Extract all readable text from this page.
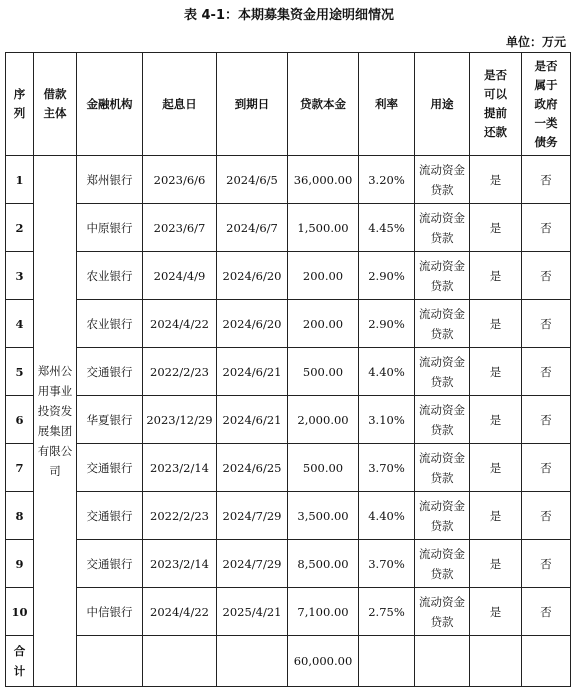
表 4-1：本期募集资金用途明细情况
单位：万元
序列	借款主体	金融机构	起息日	到期日	贷款本金	利率	用途	是否可以提前还款	是否属于政府一类债务

1	郑州公用事业投资发展集团有限公司	郑州银行	2023/6/6	2024/6/5	36,000.00	3.20%	流动资金贷款	是	否
2		中原银行	2023/6/7	2024/6/7	1,500.00	4.45%	流动资金贷款	是	否
3		农业银行	2024/4/9	2024/6/20	200.00	2.90%	流动资金贷款	是	否
4		农业银行	2024/4/22	2024/6/20	200.00	2.90%	流动资金贷款	是	否
5		交通银行	2022/2/23	2024/6/21	500.00	4.40%	流动资金贷款	是	否
6		华夏银行	2023/12/29	2024/6/21	2,000.00	3.10%	流动资金贷款	是	否
7		交通银行	2023/2/14	2024/6/25	500.00	3.70%	流动资金贷款	是	否
8		交通银行	2022/2/23	2024/7/29	3,500.00	4.40%	流动资金贷款	是	否
9		交通银行	2023/2/14	2024/7/29	8,500.00	3.70%	流动资金贷款	是	否
10		中信银行	2024/4/22	2025/4/21	7,100.00	2.75%	流动资金贷款	是	否

合计					60,000.00				
